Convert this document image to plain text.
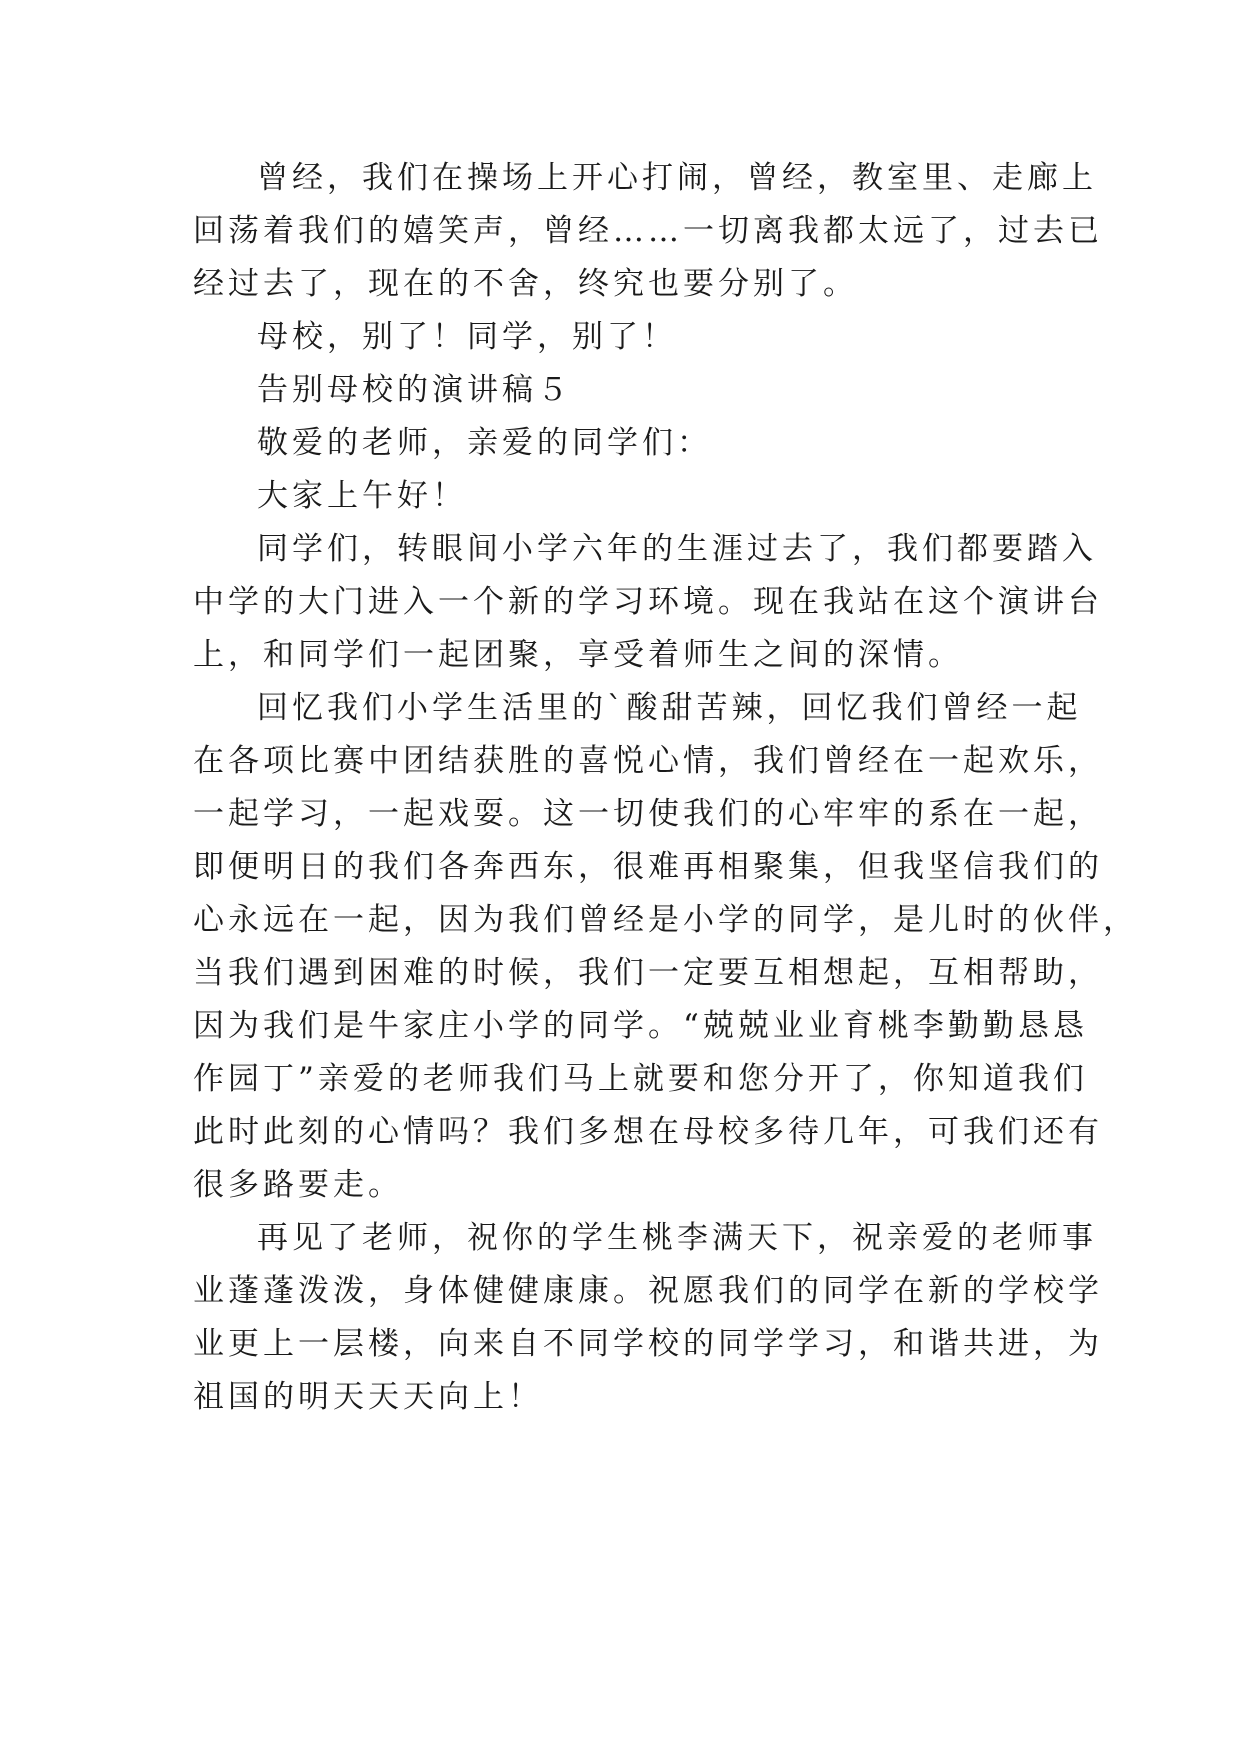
曾经，我们在操场上开心打闹，曾经，教室里、走廊上
回荡着我们的嬉笑声，曾经……一切离我都太远了，过去已
经过去了，现在的不舍，终究也要分别了。
母校，别了！同学，别了！
告别母校的演讲稿５
敬爱的老师，亲爱的同学们：
大家上午好！
同学们，转眼间小学六年的生涯过去了，我们都要踏入
中学的大门进入一个新的学习环境。现在我站在这个演讲台
上，和同学们一起团聚，享受着师生之间的深情。
回忆我们小学生活里的`酸甜苦辣，回忆我们曾经一起
在各项比赛中团结获胜的喜悦心情，我们曾经在一起欢乐，
一起学习，一起戏耍。这一切使我们的心牢牢的系在一起，
即便明日的我们各奔西东，很难再相聚集，但我坚信我们的
心永远在一起，因为我们曾经是小学的同学，是儿时的伙伴，
当我们遇到困难的时候，我们一定要互相想起，互相帮助，
因为我们是牛家庄小学的同学。“兢兢业业育桃李勤勤恳恳
作园丁”亲爱的老师我们马上就要和您分开了，你知道我们
此时此刻的心情吗？我们多想在母校多待几年，可我们还有
很多路要走。
再见了老师，祝你的学生桃李满天下，祝亲爱的老师事
业蓬蓬泼泼，身体健健康康。祝愿我们的同学在新的学校学
业更上一层楼，向来自不同学校的同学学习，和谐共进，为
祖国的明天天天向上！
